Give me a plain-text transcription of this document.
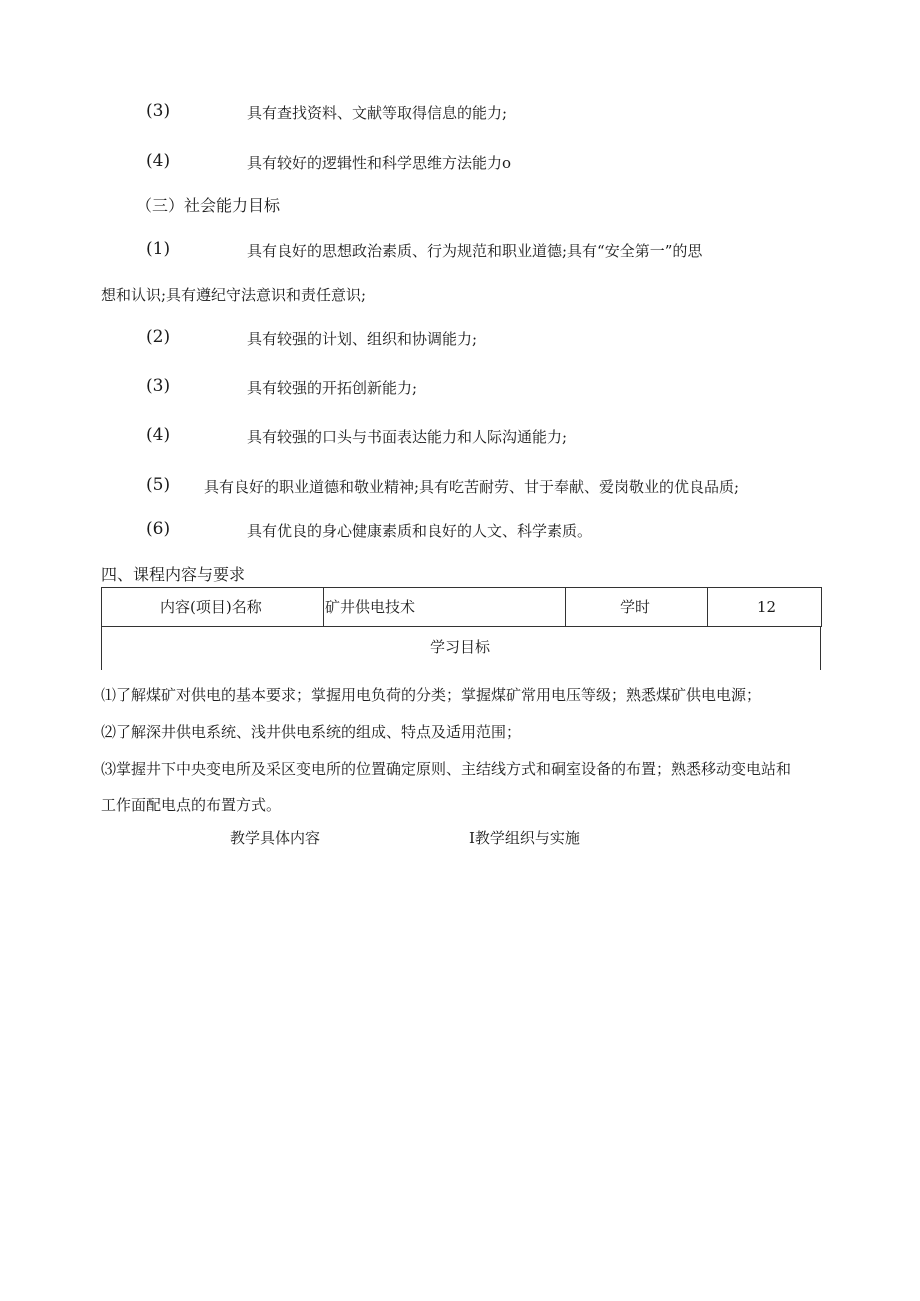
(3)	具有查找资料、文献等取得信息的能力;
(4)	具有较好的逻辑性和科学思维方法能力o
（三）社会能力目标
(1)	具有良好的思想政治素质、行为规范和职业道德;具有“安全第一”的思
想和认识;具有遵纪守法意识和责任意识;
(2)	具有较强的计划、组织和协调能力;
(3)	具有较强的开拓创新能力;
(4)	具有较强的口头与书面表达能力和人际沟通能力;
(5) 具有良好的职业道德和敬业精神;具有吃苦耐劳、甘于奉献、爱岗敬业的优良品质;
(6)	具有优良的身心健康素质和良好的人文、科学素质。
四、课程内容与要求
内容(项目)名称	矿井供电技术	学时	12
学习目标
⑴了解煤矿对供电的基本要求；掌握用电负荷的分类；掌握煤矿常用电压等级；熟悉煤矿供电电源；
⑵了解深井供电系统、浅井供电系统的组成、特点及适用范围；
⑶掌握井下中央变电所及采区变电所的位置确定原则、主结线方式和硐室设备的布置；熟悉移动变电站和
工作面配电点的布置方式。
教学具体内容	I教学组织与实施
